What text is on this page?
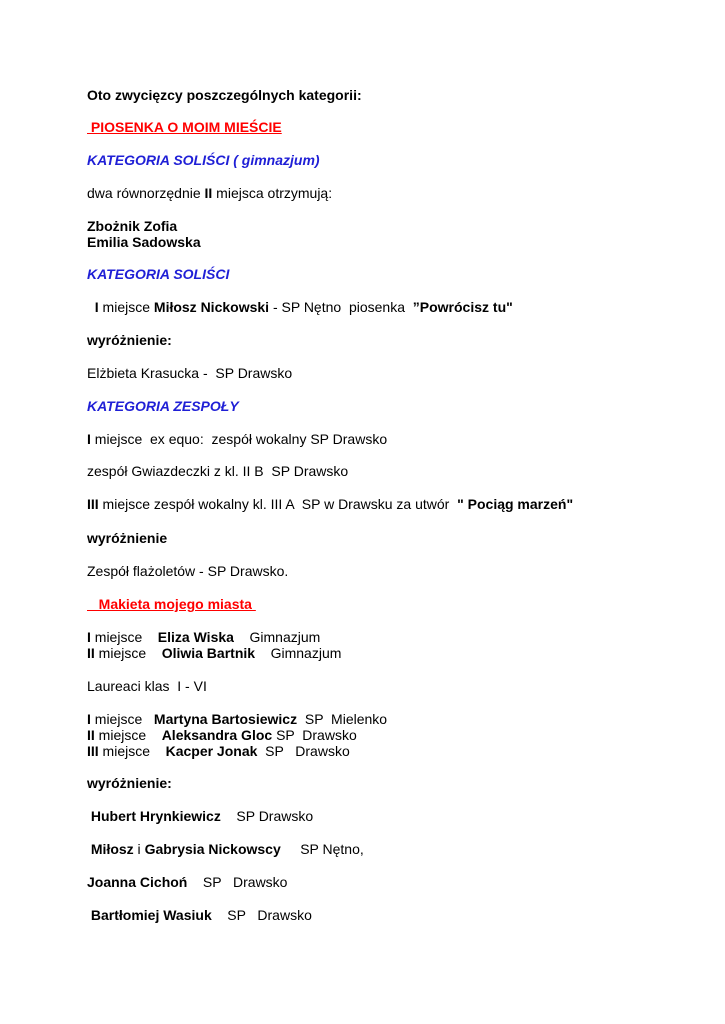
Oto zwycięzcy poszczególnych kategorii:
PIOSENKA O MOIM MIEŚCIE
KATEGORIA SOLIŚCI ( gimnazjum)
dwa równorzędnie II miejsca otrzymują:
Zbożnik Zofia
Emilia Sadowska
KATEGORIA SOLIŚCI
I miejsce Miłosz Nickowski - SP Nętno  piosenka  ”Powrócisz tu"
wyróżnienie:
Elżbieta Krasucka -  SP Drawsko
KATEGORIA ZESPOŁY
I miejsce  ex equo:  zespół wokalny SP Drawsko
zespół Gwiazdeczki z kl. II B  SP Drawsko
III miejsce zespół wokalny kl. III A  SP w Drawsku za utwór  " Pociąg marzeń"
wyróżnienie
Zespół flażoletów - SP Drawsko.
_Makieta mojego miasta
I miejsce    Eliza Wiska    Gimnazjum
II miejsce    Oliwia Bartnik    Gimnazjum
Laureaci klas  I - VI
I miejsce   Martyna Bartosiewicz  SP  Mielenko
II miejsce    Aleksandra Gloc SP  Drawsko
III miejsce    Kacper Jonak  SP   Drawsko
wyróżnienie:
Hubert Hrynkiewicz    SP Drawsko
Miłosz i Gabrysia Nickowscy     SP Nętno,
Joanna Cichoń    SP   Drawsko
Bartłomiej Wasiuk    SP   Drawsko
